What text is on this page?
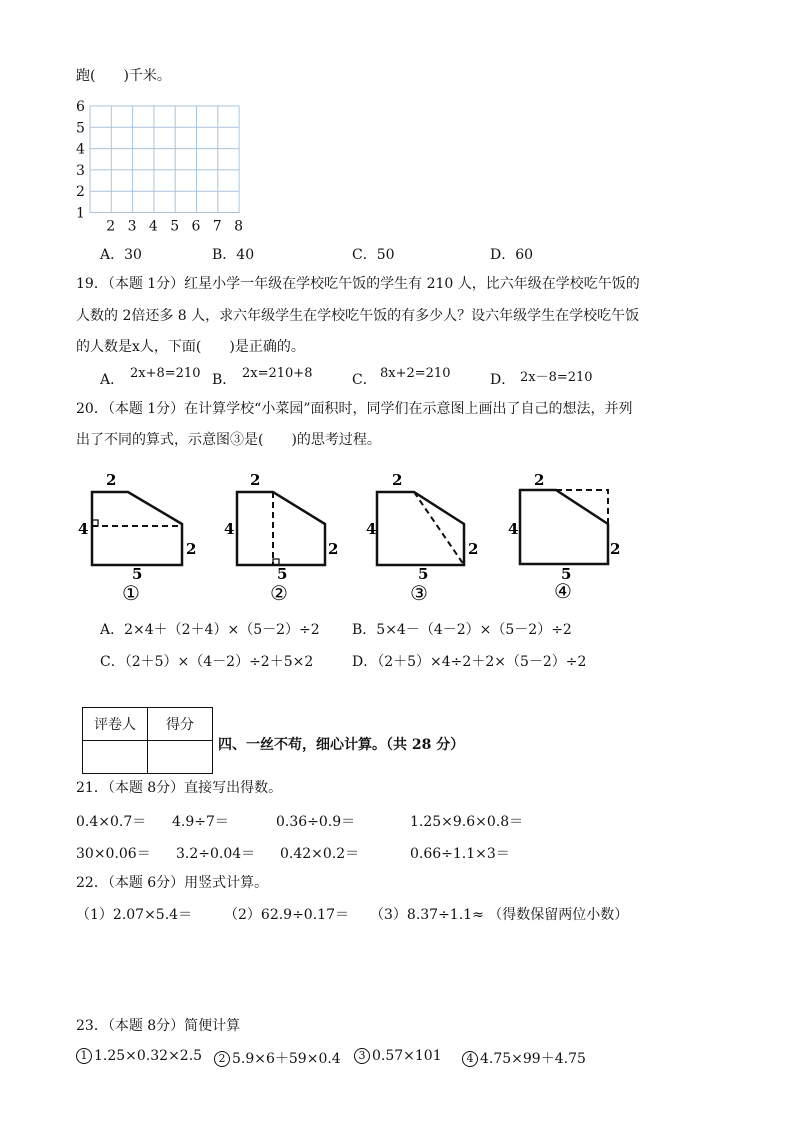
跑(　　)千米。
6
5
4
3
2
1
2 3 4 5 6 7 8
A．30	B．40	C．50	D．60
19．（本题 1分）红星小学一年级在学校吃午饭的学生有 210 人，比六年级在学校吃午饭的
人数的 2倍还多 8 人，求六年级学生在学校吃午饭的有多少人？设六年级学生在学校吃午饭
的人数是x人，下面(　　)是正确的。
A． 2x+8=210 B． 2x=210+8	C． 8x+2=210	D． 2x－8=210
20．（本题 1分）在计算学校“小菜园”面积时，同学们在示意图上画出了自己的想法，并列
出了不同的算式，示意图③是(　　)的思考过程。
2
4
2
5
①
2
4
2
5
②
2
4
2
5
③
2
4
2
5
④
A．2×4＋（2＋4）×（5－2）÷2 B．5×4－（4－2）×（5－2）÷2
C．（2＋5）×（4－2）÷2＋5×2	D．（2＋5）×4÷2＋2×（5－2）÷2
评卷人	得分

四、一丝不苟，细心计算。（共 28 分）
21．（本题 8分）直接写出得数。
0.4×0.7＝ 4.9÷7＝	0.36÷0.9＝	1.25×9.6×0.8＝
30×0.06＝ 3.2÷0.04＝ 0.42×0.2＝	0.66÷1.1×3＝
22．（本题 6分）用竖式计算。
（1）2.07×5.4＝ （2）62.9÷0.17＝ （3）8.37÷1.1≈ （得数保留两位小数）
23．（本题 8分）简便计算
1 1.25×0.32×2.5	2 5.9×6＋59×0.4	3 0.57×101	4 4.75×99＋4.75
